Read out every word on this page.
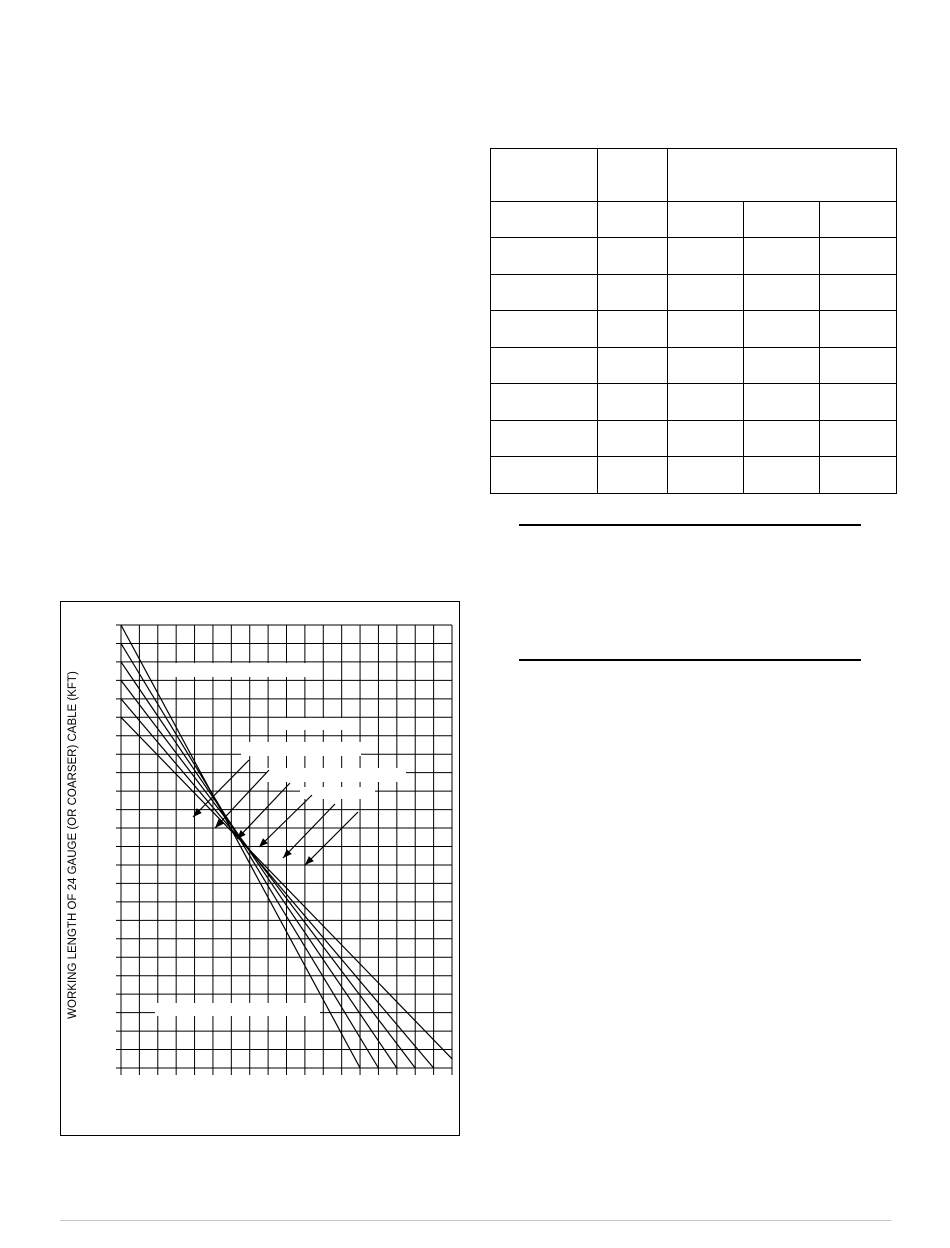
WORKING LENGTH OF 24 GAUGE (OR COARSER) CABLE (KFT)
